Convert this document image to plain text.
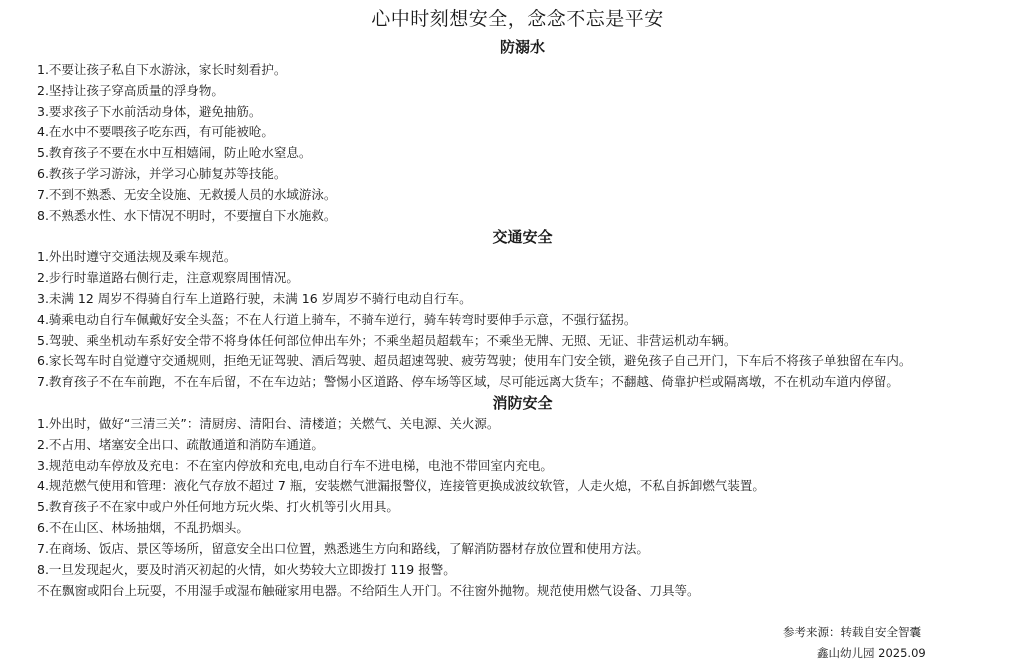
心中时刻想安全，念念不忘是平安
防溺水
1.不要让孩子私自下水游泳，家长时刻看护。
2.坚持让孩子穿高质量的浮身物。
3.要求孩子下水前活动身体，避免抽筋。
4.在水中不要喂孩子吃东西，有可能被呛。
5.教育孩子不要在水中互相嬉闹，防止呛水窒息。
6.教孩子学习游泳，并学习心肺复苏等技能。
7.不到不熟悉、无安全设施、无救援人员的水域游泳。
8.不熟悉水性、水下情况不明时，不要擅自下水施救。
交通安全
1.外出时遵守交通法规及乘车规范。
2.步行时靠道路右侧行走，注意观察周围情况。
3.未满 12 周岁不得骑自行车上道路行驶，未满 16 岁周岁不骑行电动自行车。
4.骑乘电动自行车佩戴好安全头盔；不在人行道上骑车，不骑车逆行，骑车转弯时要伸手示意，不强行猛拐。
5.驾驶、乘坐机动车系好安全带不将身体任何部位伸出车外；不乘坐超员超载车；不乘坐无牌、无照、无证、非营运机动车辆。
6.家长驾车时自觉遵守交通规则，拒绝无证驾驶、酒后驾驶、超员超速驾驶、疲劳驾驶；使用车门安全锁，避免孩子自己开门，下车后不将孩子单独留在车内。
7.教育孩子不在车前跑，不在车后留，不在车边站；警惕小区道路、停车场等区域，尽可能远离大货车；不翻越、倚靠护栏或隔离墩，不在机动车道内停留。
消防安全
1.外出时，做好“三清三关”：清厨房、清阳台、清楼道；关燃气、关电源、关火源。
2.不占用、堵塞安全出口、疏散通道和消防车通道。
3.规范电动车停放及充电：不在室内停放和充电,电动自行车不进电梯，电池不带回室内充电。
4.规范燃气使用和管理：液化气存放不超过 7 瓶，安装燃气泄漏报警仪，连接管更换成波纹软管，人走火熄，不私自拆卸燃气装置。
5.教育孩子不在家中或户外任何地方玩火柴、打火机等引火用具。
6.不在山区、林场抽烟，不乱扔烟头。
7.在商场、饭店、景区等场所，留意安全出口位置，熟悉逃生方向和路线，了解消防器材存放位置和使用方法。
8.一旦发现起火，要及时消灭初起的火情，如火势较大立即拨打 119 报警。
不在飘窗或阳台上玩耍，不用湿手或湿布触碰家用电器。不给陌生人开门。不往窗外抛物。规范使用燃气设备、刀具等。
参考来源：转载自安全智囊
鑫山幼儿园 2025.09
